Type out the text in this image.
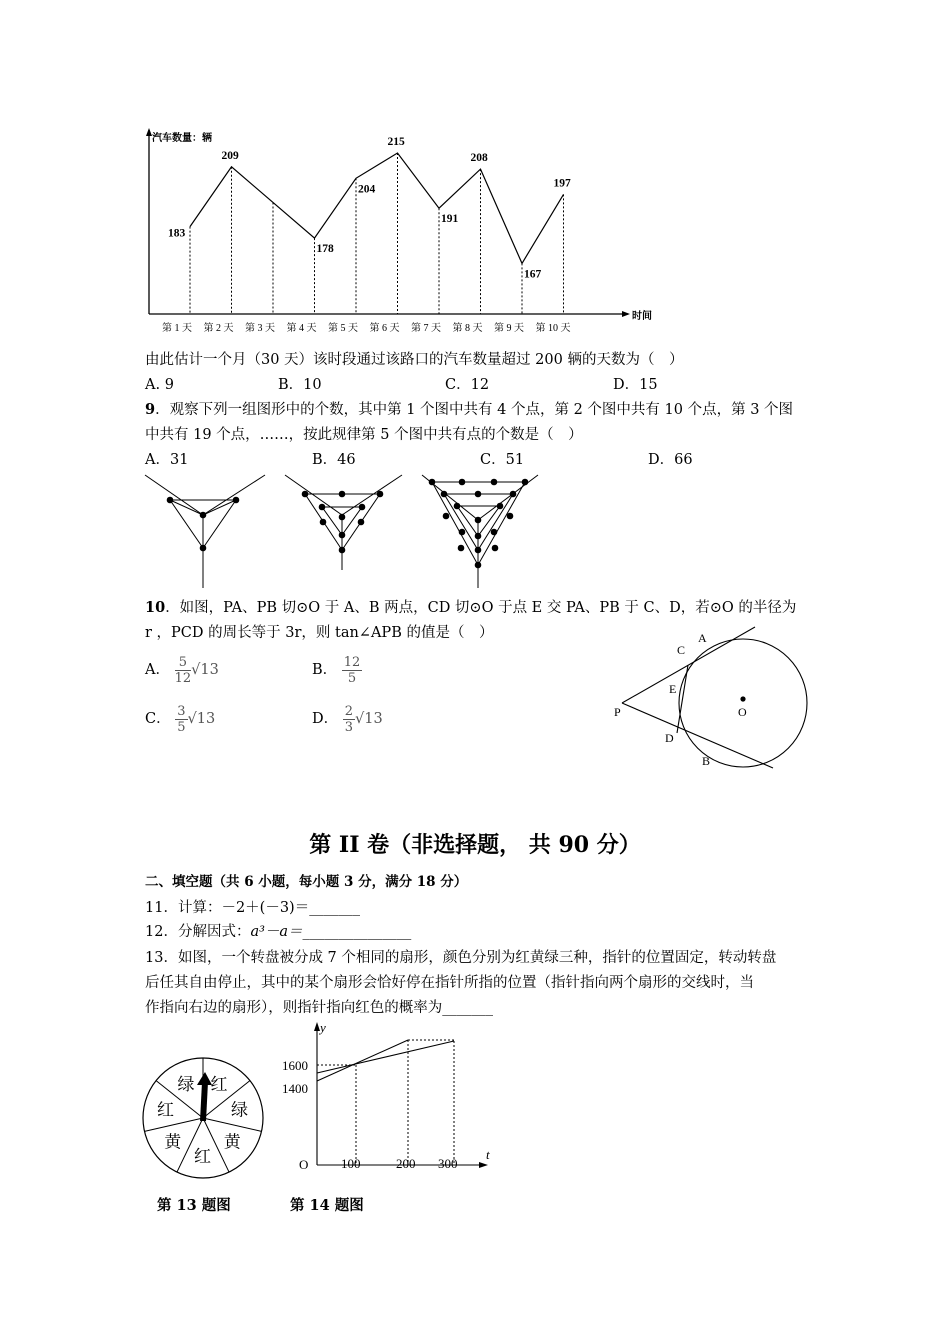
汽车数量：辆
时间
第 1 天 第 2 天 第 3 天 第 4 天 第 5 天 第 6 天 第 7 天 第 8 天 第 9 天 第 10 天
183
209
178
204
215
191
208
167
197
由此估计一个月（30 天）该时段通过该路口的汽车数量超过 200 辆的天数为（　）
A. 9	B．10	C．12	D．15
9．观察下列一组图形中的个数，其中第 1 个图中共有 4 个点，第 2 个图中共有 10 个点，第 3 个图
中共有 19 个点，……，按此规律第 5 个图中共有点的个数是（　）
A．31	B．46	C．51	D．66
10．如图，PA、PB 切⊙O 于 A、B 两点，CD 切⊙O 于点 E 交 PA、PB 于 C、D，若⊙O 的半径为
r ，PCD 的周长等于 3r，则 tan∠APB 的值是（　）
A． $\frac{5}{12} √13$	B． $\frac{12}{5}$
C． $\frac{3}{5} √13$	D． $\frac{2}{3} √13$
A
B
C
D
E
P	O
第 II 卷（非选择题， 共 90 分）
二、填空题（共 6 小题，每小题 3 分，满分 18 分）
11．计算：－2＋(－3)＝_______
12．分解因式：a³－a＝_______________
13．如图，一个转盘被分成 7 个相同的扇形，颜色分别为红黄绿三种，指针的位置固定，转动转盘
后任其自由停止，其中的某个扇形会恰好停在指针所指的位置（指针指向两个扇形的交线时，当
作指向右边的扇形），则指针指向红色的概率为_______
红
绿
黄
红
黄
红
绿
第 13 题图
y
t
O
1600
1400
100	200 300
第 14 题图
